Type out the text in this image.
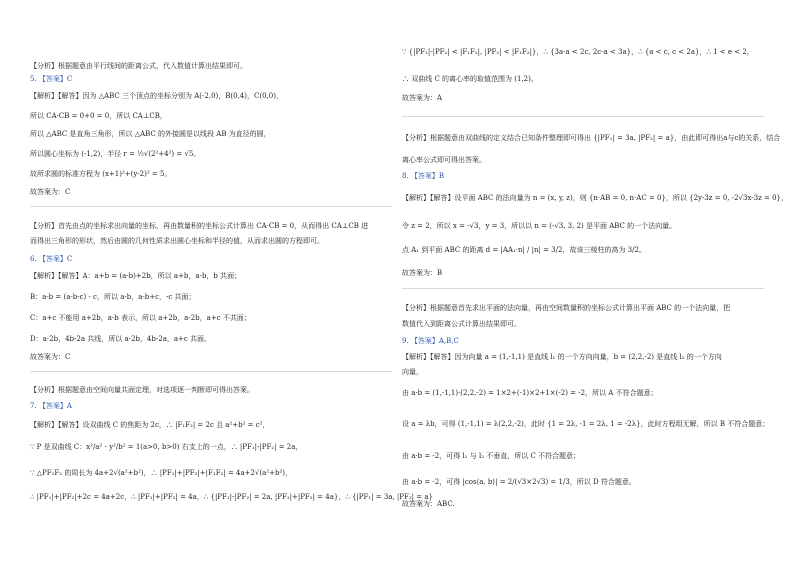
【分析】根据题意由平行线间的距离公式，代入数值计算出结果即可。
5. 【答案】C
【解析】【解答】因为 △ABC 三个顶点的坐标分别为 A(-2,0)，B(0,4)，C(0,0)，
所以 CA·CB = 0+0 = 0，所以 CA⊥CB，
所以 △ABC 是直角三角形，所以 △ABC 的外接圆是以线段 AB 为直径的圆，
所以圆心坐标为 (-1,2)，半径 r = ½√(2²+4²) = √5。
故所求圆的标准方程为 (x+1)²+(y-2)² = 5。
故答案为：C
【分析】首先由点的坐标求出向量的坐标，再由数量积的坐标公式计算出 CA·CB = 0，从而得出 CA⊥CB 进
而得出三角形的形状，然后由圆的几何性质求出圆心坐标和半径的值，从而求出圆的方程即可。
6. 【答案】C
【解析】【解答】A：a+b = (a-b)+2b，所以 a+b，a-b，b 共面；
B：a-b = (a-b-c) - c，所以 a-b，a-b+c，-c 共面；
C：a+c 不能用 a+2b，a-b 表示，所以 a+2b，a-2b，a+c 不共面；
D：a-2b，4b-2a 共线，所以 a-2b，4b-2a，a+c 共面。
故答案为：C
【分析】根据题意由空间向量共面定理，对选项逐一判断即可得出答案。
7. 【答案】A
【解析】【解答】设双曲线 C 的焦距为 2c，∴ |F₁F₂| = 2c 且 a²+b² = c²，
∵ P 是双曲线 C：x²/a² - y²/b² = 1(a>0, b>0) 右支上的一点，∴ |PF₁|-|PF₂| = 2a，
∵ △PF₁F₂ 的周长为 4a+2√(a²+b²)，∴ |PF₁|+|PF₂|+|F₁F₂| = 4a+2√(a²+b²)，
∴ |PF₁|+|PF₂|+2c = 4a+2c，∴ |PF₁|+|PF₂| = 4a，∴ {|PF₁|-|PF₂| = 2a, |PF₁|+|PF₂| = 4a}，∴ {|PF₁| = 3a, |PF₂| = a}
∵ {|PF₁|-|PF₂| < |F₁F₂|, |PF₂| < |F₁F₂|}，∴ {3a-a < 2c, 2c-a < 3a}，∴ {a < c, c < 2a}，∴ 1 < e < 2，
∴ 双曲线 C 的离心率的取值范围为 (1,2)。
故答案为：A
【分析】根据题意由双曲线的定义结合已知条件整理即可得出 {|PF₁| = 3a, |PF₂| = a}，由此即可得出a与c的关系，结合
离心率公式即可得出答案。
8. 【答案】B
【解析】【解答】设平面 ABC 的法向量为 n = (x, y, z)，则 {n·AB = 0, n·AC = 0}，所以 {2y-3z = 0, -2√3x-3z = 0}，
令 z = 2，所以 x = -√3，y = 3，所以以 n = (-√3, 3, 2) 是平面 ABC 的一个法向量。
点 A₁ 到平面 ABC 的距离 d = |AA₁·n| / |n| = 3/2，故该三棱柱的高为 3/2。
故答案为：B
【分析】根据题意首先求出平面的法向量，再由空间数量积的坐标公式计算出平面 ABC 的一个法向量，把
数值代入到距离公式计算出结果即可。
9. 【答案】A,B,C
【解析】【解答】因为向量 a = (1,-1,1) 是直线 l₁ 的一个方向向量，b = (2,2,-2) 是直线 l₂ 的一个方向
向量，
由 a·b = (1,-1,1)·(2,2,-2) = 1×2+(-1)×2+1×(-2) = -2，所以 A 不符合题意；
设 a = λb，可得 (1,-1,1) = λ(2,2,-2)，此时 {1 = 2λ, -1 = 2λ, 1 = -2λ}，此时方程组无解，所以 B 不符合题意；
由 a·b = -2，可得 l₁ 与 l₂ 不垂直，所以 C 不符合题意；
由 a·b = -2，可得 |cos⟨a, b⟩| = 2/(√3×2√3) = 1/3，所以 D 符合题意。
故答案为：ABC.
